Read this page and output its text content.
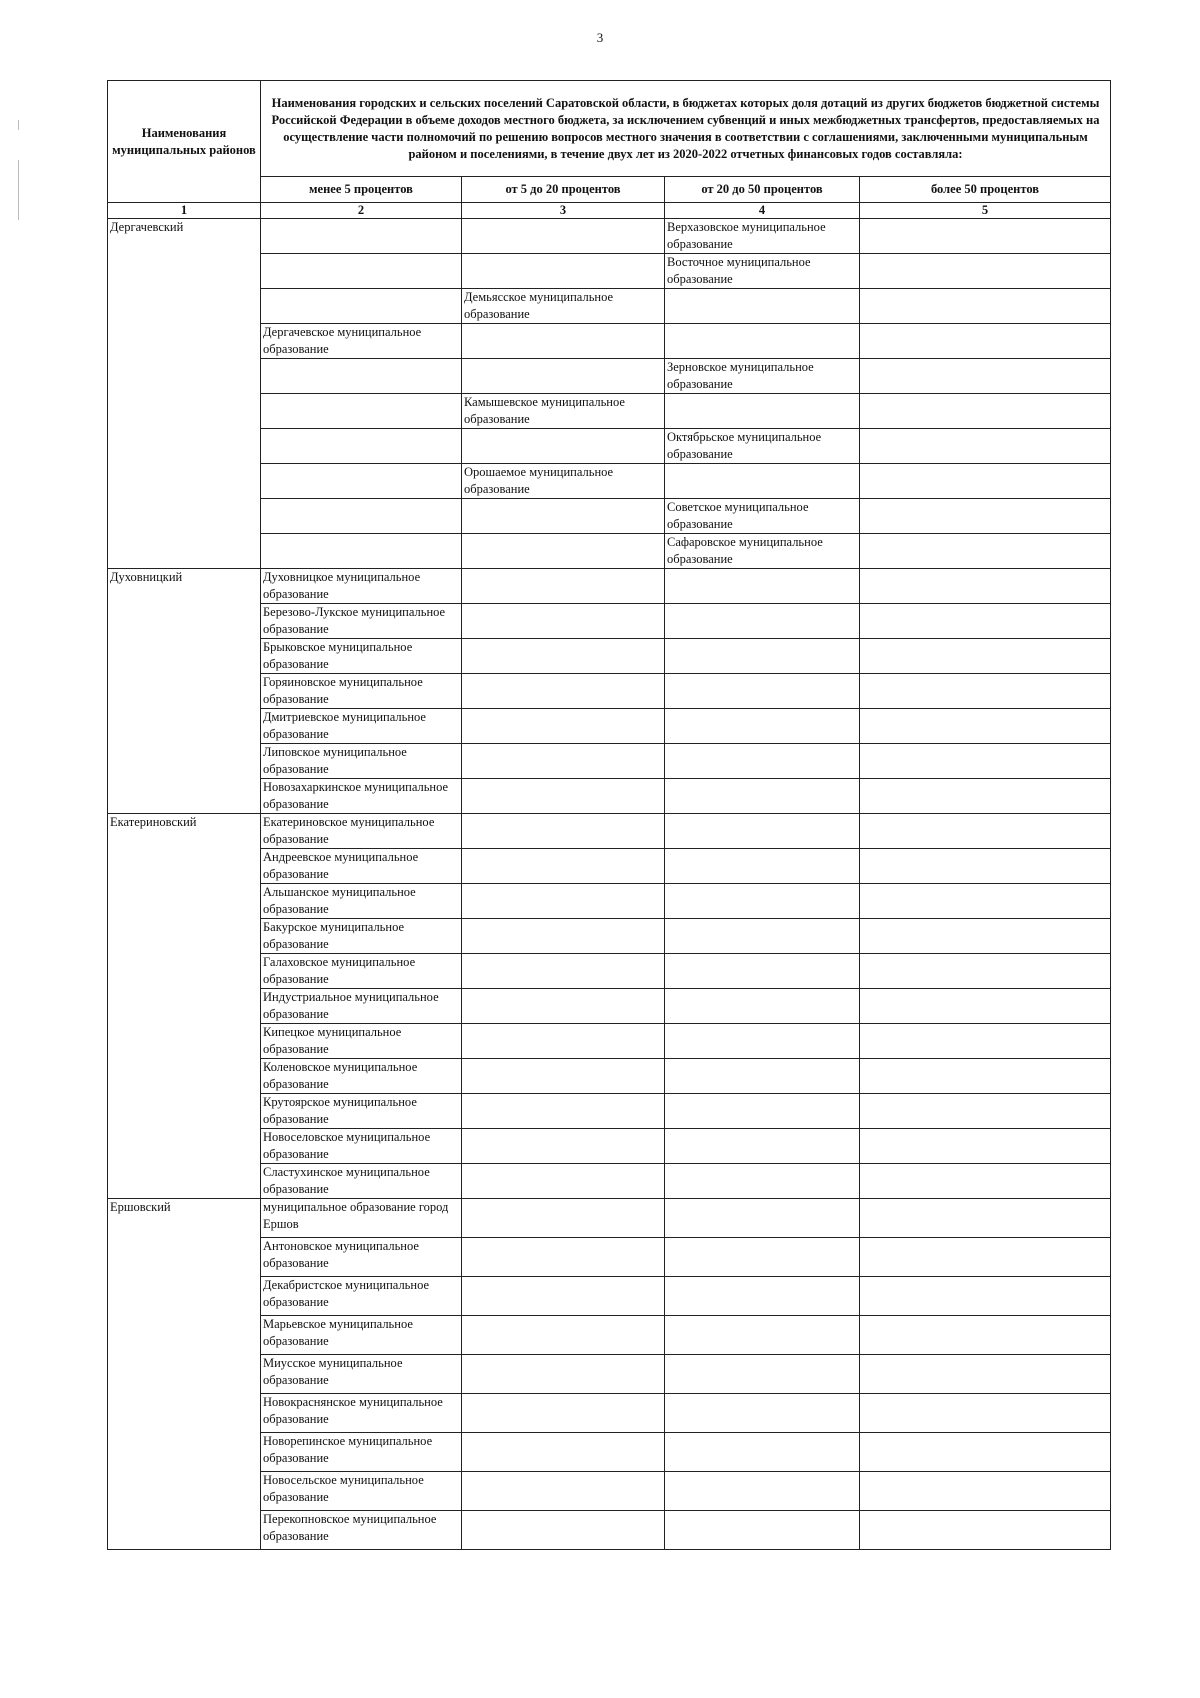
3
Наименования муниципальных районов	Наименования городских и сельских поселений Саратовской области, в бюджетах которых доля дотаций из других бюджетов бюджетной системы Российской Федерации в объеме доходов местного бюджета, за исключением субвенций и иных межбюджетных трансфертов, предоставляемых на осуществление части полномочий по решению вопросов местного значения в соответствии с соглашениями, заключенными муниципальным районом и поселениями, в течение двух лет из 2020-2022 отчетных финансовых годов составляла:			
	менее 5 процентов	от 5 до 20 процентов	от 20 до 50 процентов	более 50 процентов
1	2	3	4	5
Дергачевский			Верхазовское муниципальное образование	
			Восточное муниципальное образование	
		Демьясское муниципальное образование		
	Дергачевское муниципальное образование			
			Зерновское муниципальное образование	
		Камышевское муниципальное образование		
			Октябрьское муниципальное образование	
		Орошаемое муниципальное образование		
			Советское муниципальное образование	
			Сафаровское муниципальное образование	
Духовницкий	Духовницкое муниципальное образование			
	Березово-Лукское муниципальное образование			
	Брыковское муниципальное образование			
	Горяиновское муниципальное образование			
	Дмитриевское муниципальное образование			
	Липовское муниципальное образование			
	Новозахаркинское муниципальное образование			
Екатериновский	Екатериновское муниципальное образование			
	Андреевское муниципальное образование			
	Альшанское муниципальное образование			
	Бакурское муниципальное образование			
	Галаховское муниципальное образование			
	Индустриальное муниципальное образование			
	Кипецкое муниципальное образование			
	Коленовское муниципальное образование			
	Крутоярское муниципальное образование			
	Новоселовское муниципальное образование			
	Сластухинское муниципальное образование			
Ершовский	муниципальное образование город Ершов			
	Антоновское муниципальное образование			
	Декабристское муниципальное образование			
	Марьевское муниципальное образование			
	Миусское муниципальное образование			
	Новокраснянское муниципальное образование			
	Новорепинское муниципальное образование			
	Новосельское муниципальное образование			
	Перекопновское муниципальное образование			
